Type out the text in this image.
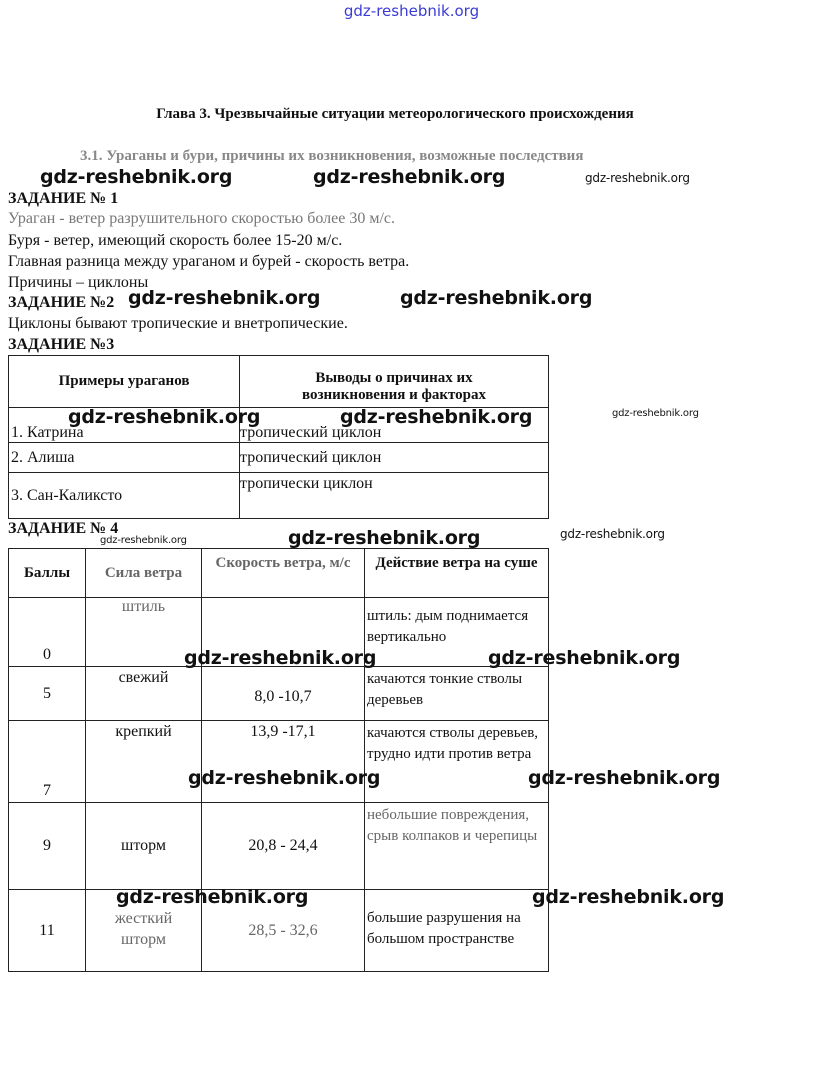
gdz-reshebnik.org
Глава 3. Чрезвычайные ситуации метеорологического происхождения
3.1. Ураганы и бури, причины их возникновения, возможные последствия
ЗАДАНИЕ № 1
Ураган - ветер разрушительного скоростью более 30 м/с.
Буря - ветер, имеющий скорость более 15-20 м/с.
Главная разница между ураганом и бурей - скорость ветра.
Причины – циклоны
ЗАДАНИЕ №2
Циклоны бывают тропические и внетропические.
ЗАДАНИЕ №3
Примеры ураганов	Выводы о причинах их возникновения и факторах
1. Катрина	тропический циклон
2. Алиша	тропический циклон
3. Сан-Каликсто	тропически циклон
ЗАДАНИЕ № 4
Баллы	Сила ветра	Скорость ветра, м/с	Действие ветра на суше
0	штиль		штиль: дым поднимается вертикально
5	свежий	8,0 -10,7	качаются тонкие стволы деревьев
7	крепкий	13,9 -17,1	качаются стволы деревьев, трудно идти против ветра
9	шторм	20,8 - 24,4	небольшие повреждения, срыв колпаков и черепицы
11	жесткий шторм	28,5 - 32,6	большие разрушения на большом пространстве
gdz-reshebnik.org	gdz-reshebnik.org	gdz-reshebnik.org
gdz-reshebnik.org	gdz-reshebnik.org
gdz-reshebnik.org	gdz-reshebnik.org	gdz-reshebnik.org
gdz-reshebnik.org	gdz-reshebnik.org	gdz-reshebnik.org
gdz-reshebnik.org	gdz-reshebnik.org
gdz-reshebnik.org	gdz-reshebnik.org
gdz-reshebnik.org	gdz-reshebnik.org
